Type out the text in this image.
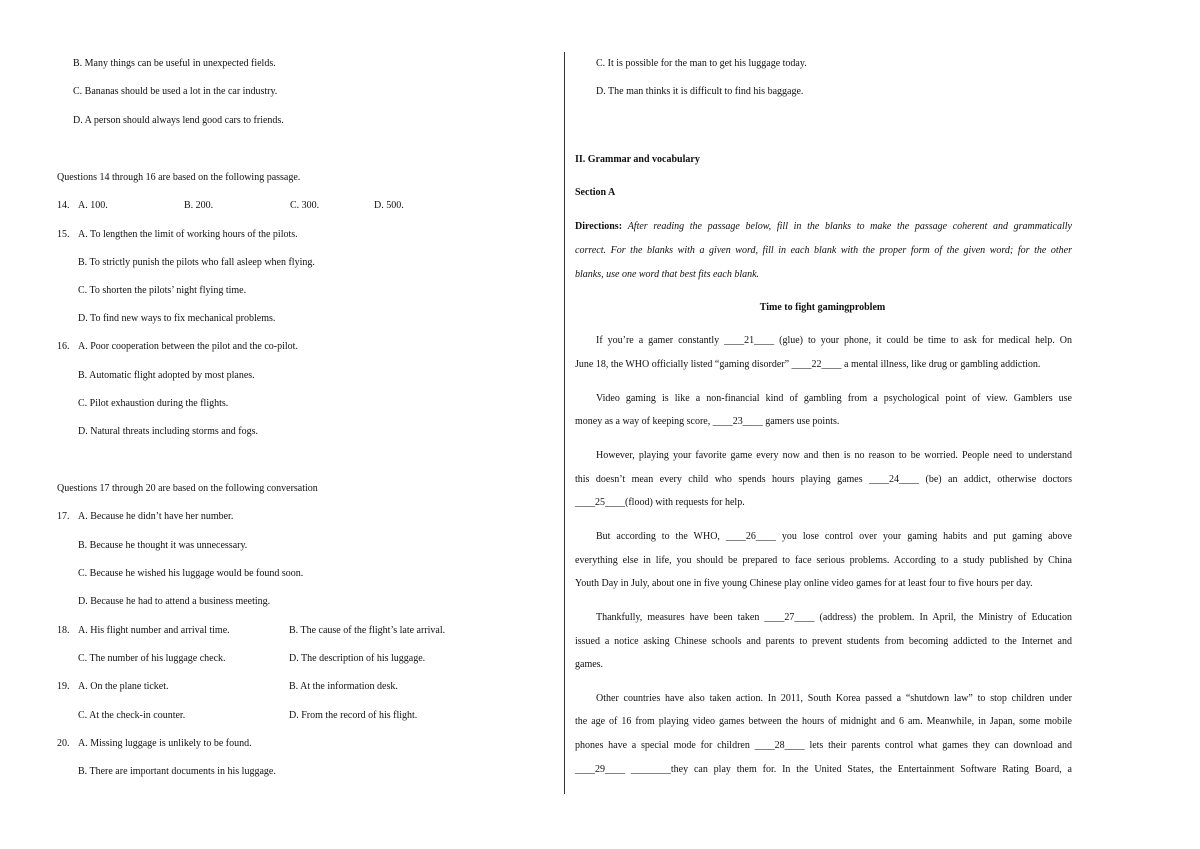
B. Many things can be useful in unexpected fields.
C. Bananas should be used a lot in the car industry.
D. A person should always lend good cars to friends.
Questions 14 through 16 are based on the following passage.
14. A. 100.	B. 200.	C. 300.	D. 500.
15. A. To lengthen the limit of working hours of the pilots.
B. To strictly punish the pilots who fall asleep when flying.
C. To shorten the pilots’ night flying time.
D. To find new ways to fix mechanical problems.
16. A. Poor cooperation between the pilot and the co-pilot.
B. Automatic flight adopted by most planes.
C. Pilot exhaustion during the flights.
D. Natural threats including storms and fogs.
Questions 17 through 20 are based on the following conversation
17. A. Because he didn’t have her number.
B. Because he thought it was unnecessary.
C. Because he wished his luggage would be found soon.
D. Because he had to attend a business meeting.
18. A. His flight number and arrival time.	B. The cause of the flight’s late arrival.
C. The number of his luggage check.	D. The description of his luggage.
19. A. On the plane ticket.	B. At the information desk.
C. At the check-in counter.	D. From the record of his flight.
20. A. Missing luggage is unlikely to be found.
B. There are important documents in his luggage.
C. It is possible for the man to get his luggage today.
D. The man thinks it is difficult to find his baggage.
II. Grammar and vocabulary
Section A
Directions: After reading the passage below, fill in the blanks to make the passage coherent and grammatically
correct. For the blanks with a given word, fill in each blank with the proper form of the given word; for the other
blanks, use one word that best fits each blank.
Time to fight gamingproblem
If you’re a gamer constantly ____21____ (glue) to your phone, it could be time to ask for medical help. On
June 18, the WHO officially listed “gaming disorder” ____22____ a mental illness, like drug or gambling addiction.
Video gaming is like a non-financial kind of gambling from a psychological point of view. Gamblers use
money as a way of keeping score, ____23____ gamers use points.
However, playing your favorite game every now and then is no reason to be worried. People need to understand
this doesn’t mean every child who spends hours playing games ____24____ (be) an addict, otherwise doctors
____25____(flood) with requests for help.
But according to the WHO, ____26____ you lose control over your gaming habits and put gaming above
everything else in life, you should be prepared to face serious problems. According to a study published by China
Youth Day in July, about one in five young Chinese play online video games for at least four to five hours per day.
Thankfully, measures have been taken ____27____ (address) the problem. In April, the Ministry of Education
issued a notice asking Chinese schools and parents to prevent students from becoming addicted to the Internet and
games.
Other countries have also taken action. In 2011, South Korea passed a “shutdown law” to stop children under
the age of 16 from playing video games between the hours of midnight and 6 am. Meanwhile, in Japan, some mobile
phones have a special mode for children ____28____ lets their parents control what games they can download and
____29____ ________they can play them for. In the United States, the Entertainment Software Rating Board, a
